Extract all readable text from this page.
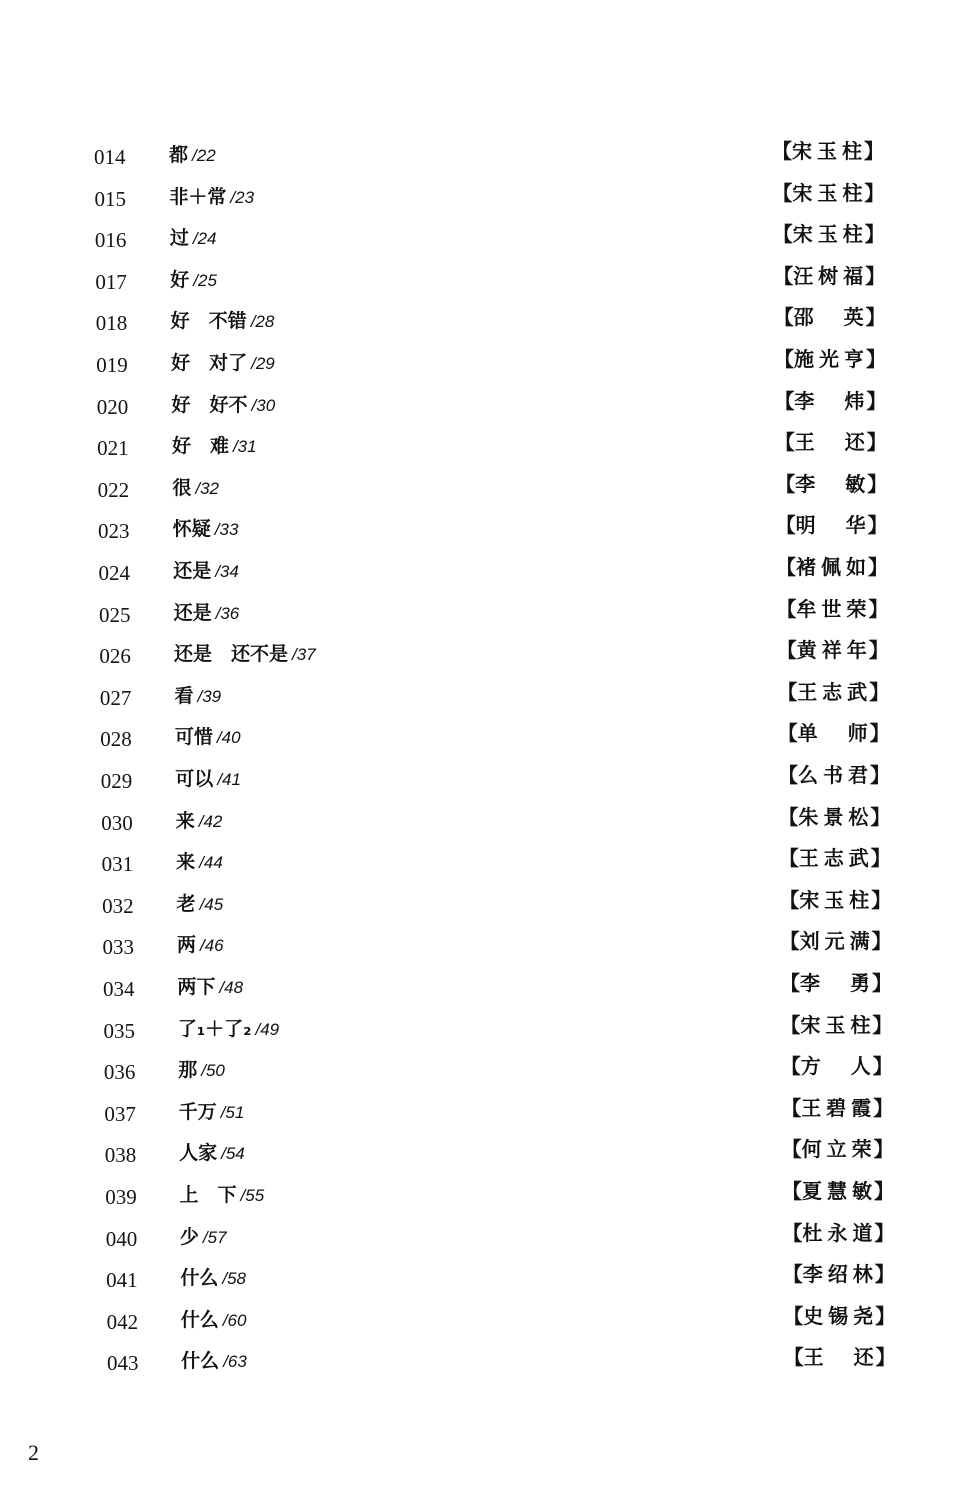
014 都 /22	【宋玉柱】
015 非＋常 /23	【宋玉柱】
016 过 /24	【宋玉柱】
017 好 /25	【汪树福】
018 好　不错 /28	【邵　英】
019 好　对了 /29	【施光亨】
020 好　好不 /30	【李　炜】
021 好　难 /31	【王　还】
022 很 /32	【李　敏】
023 怀疑 /33	【明　华】
024 还是 /34	【褚佩如】
025 还是 /36	【牟世荣】
026 还是　还不是 /37	【黄祥年】
027 看 /39	【王志武】
028 可惜 /40	【单　师】
029 可以 /41	【么书君】
030 来 /42	【朱景松】
031 来 /44	【王志武】
032 老 /45	【宋玉柱】
033 两 /46	【刘元满】
034 两下 /48	【李　勇】
035 了₁＋了₂ /49	【宋玉柱】
036 那 /50	【方　人】
037 千万 /51	【王碧霞】
038 人家 /54	【何立荣】
039 上　下 /55	【夏慧敏】
040 少 /57	【杜永道】
041 什么 /58	【李绍林】
042 什么 /60	【史锡尧】
043 什么 /63	【王　还】
2
